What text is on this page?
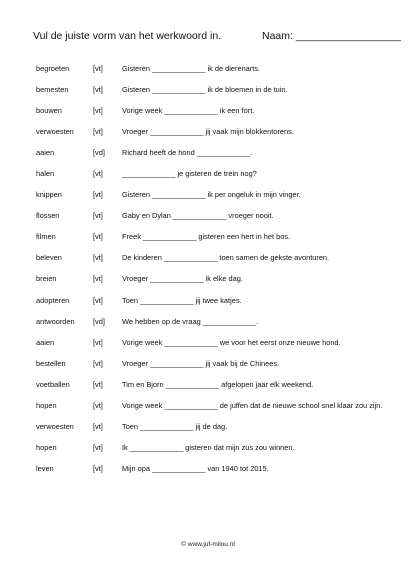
Vul de juiste vorm van het werkwoord in.	Naam: __________________
begroeten	[vt]	Gisteren _____________ ik de dierenarts.
bemesten	[vt]	Gisteren _____________ ik de bloemen in de tuin.
bouwen	[vt]	Vorige week _____________ ik een fort.
verwoesten	[vt]	Vroeger _____________ jij vaak mijn blokkentorens.
aaien	[vd] Richard heeft de hond _____________.
halen	[vt]	_____________ je gisteren de trein nog?
knippen	[vt]	Gisteren _____________ ik per ongeluk in mijn vinger.
flossen	[vt]	Gaby en Dylan _____________ vroeger nooit.
filmen	[vt]	Freek _____________ gisteren een hert in het bos.
beleven	[vt]	De kinderen _____________ toen samen de gekste avonturen.
breien	[vt]	Vroeger _____________ ik elke dag.
adopteren	[vt]	Toen _____________ jij twee katjes.
antwoorden [vd] We hebben op de vraag _____________.
aaien	[vt]	Vorige week _____________ we voor het eerst onze nieuwe hond.
bestellen	[vt]	Vroeger _____________ jij vaak bij de Chinees.
voetballen	[vt]	Tim en Bjorn _____________ afgelopen jaar elk weekend.
hopen	[vt]	Vorige week _____________ de juffen dat de nieuwe school snel klaar zou zijn.
verwoesten	[vt]	Toen _____________ jij de dag.
hopen	[vt]	Ik _____________ gisteren dat mijn zus zou winnen.
leven	[vt]	Mijn opa _____________ van 1940 tot 2015.
© www.juf-milou.nl
